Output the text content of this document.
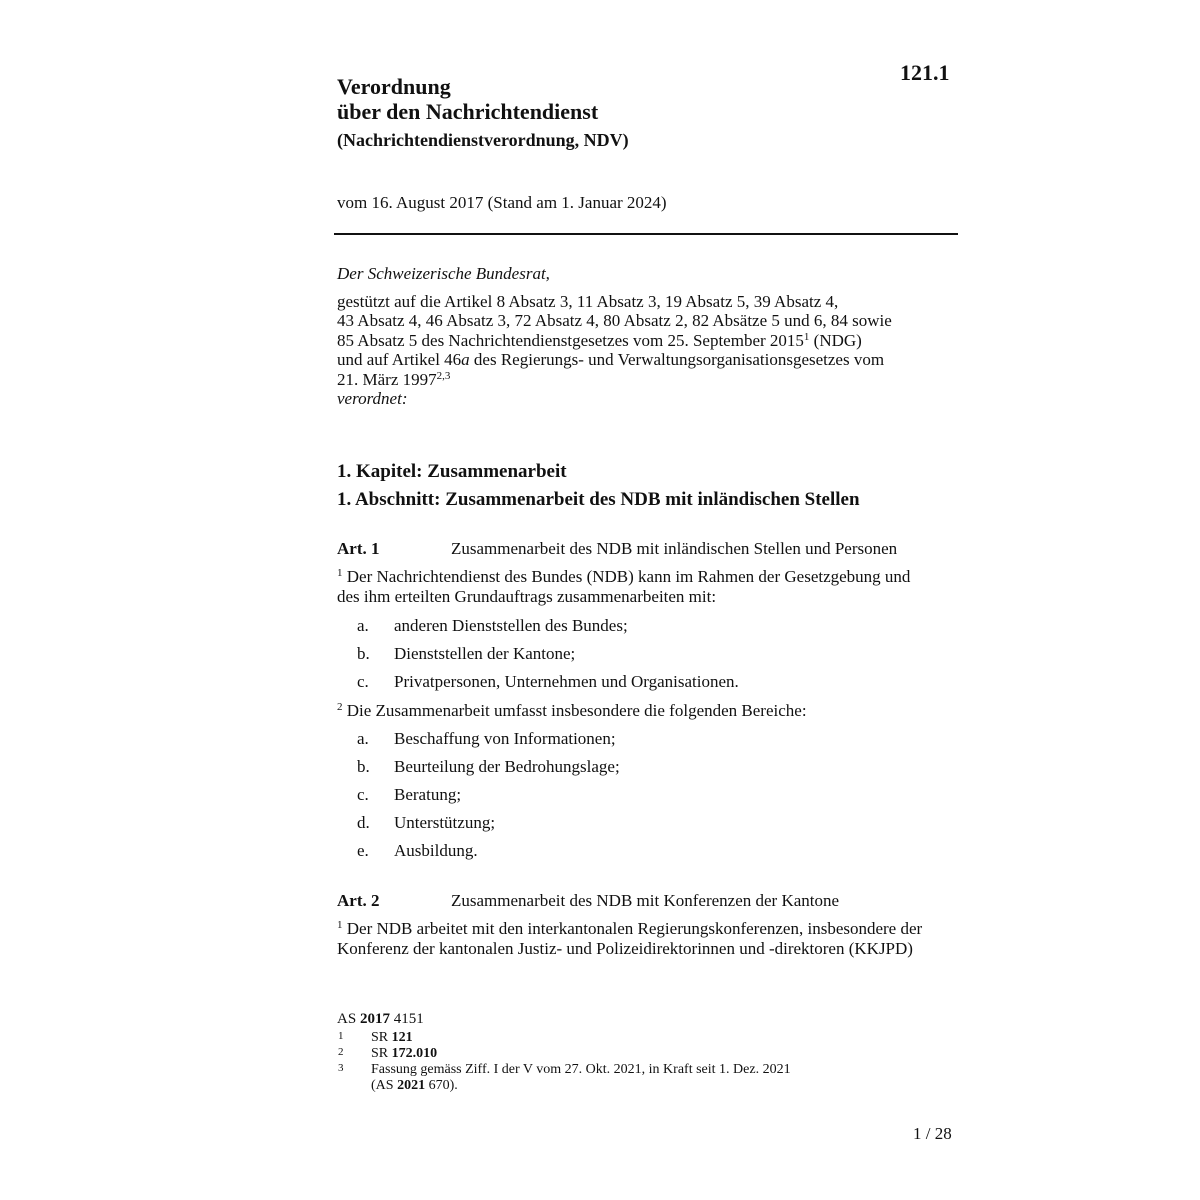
121.1
Verordnung
über den Nachrichtendienst
(Nachrichtendienstverordnung, NDV)
vom 16. August 2017 (Stand am 1. Januar 2024)
Der Schweizerische Bundesrat,
gestützt auf die Artikel 8 Absatz 3, 11 Absatz 3, 19 Absatz 5, 39 Absatz 4,
43 Absatz 4, 46 Absatz 3, 72 Absatz 4, 80 Absatz 2, 82 Absätze 5 und 6, 84 sowie
85 Absatz 5 des Nachrichtendienstgesetzes vom 25. September 2015$^1$ (NDG)
und auf Artikel 46a des Regierungs- und Verwaltungsorganisationsgesetzes vom
21. März 1997$^{2,3}$
verordnet:
1. Kapitel: Zusammenarbeit
1. Abschnitt: Zusammenarbeit des NDB mit inländischen Stellen
Art. 1	Zusammenarbeit des NDB mit inländischen Stellen und Personen
$^1$ Der Nachrichtendienst des Bundes (NDB) kann im Rahmen der Gesetzgebung und
des ihm erteilten Grundauftrags zusammenarbeiten mit:
a. anderen Dienststellen des Bundes;
b. Dienststellen der Kantone;
c. Privatpersonen, Unternehmen und Organisationen.
$^2$ Die Zusammenarbeit umfasst insbesondere die folgenden Bereiche:
a. Beschaffung von Informationen;
b. Beurteilung der Bedrohungslage;
c. Beratung;
d. Unterstützung;
e. Ausbildung.
Art. 2	Zusammenarbeit des NDB mit Konferenzen der Kantone
$^1$ Der NDB arbeitet mit den interkantonalen Regierungskonferenzen, insbesondere der
Konferenz der kantonalen Justiz- und Polizeidirektorinnen und -direktoren (KKJPD)
AS 2017 4151
1 SR 121
2 SR 172.010
3 Fassung gemäss Ziff. I der V vom 27. Okt. 2021, in Kraft seit 1. Dez. 2021
(AS 2021 670).
1 / 28
